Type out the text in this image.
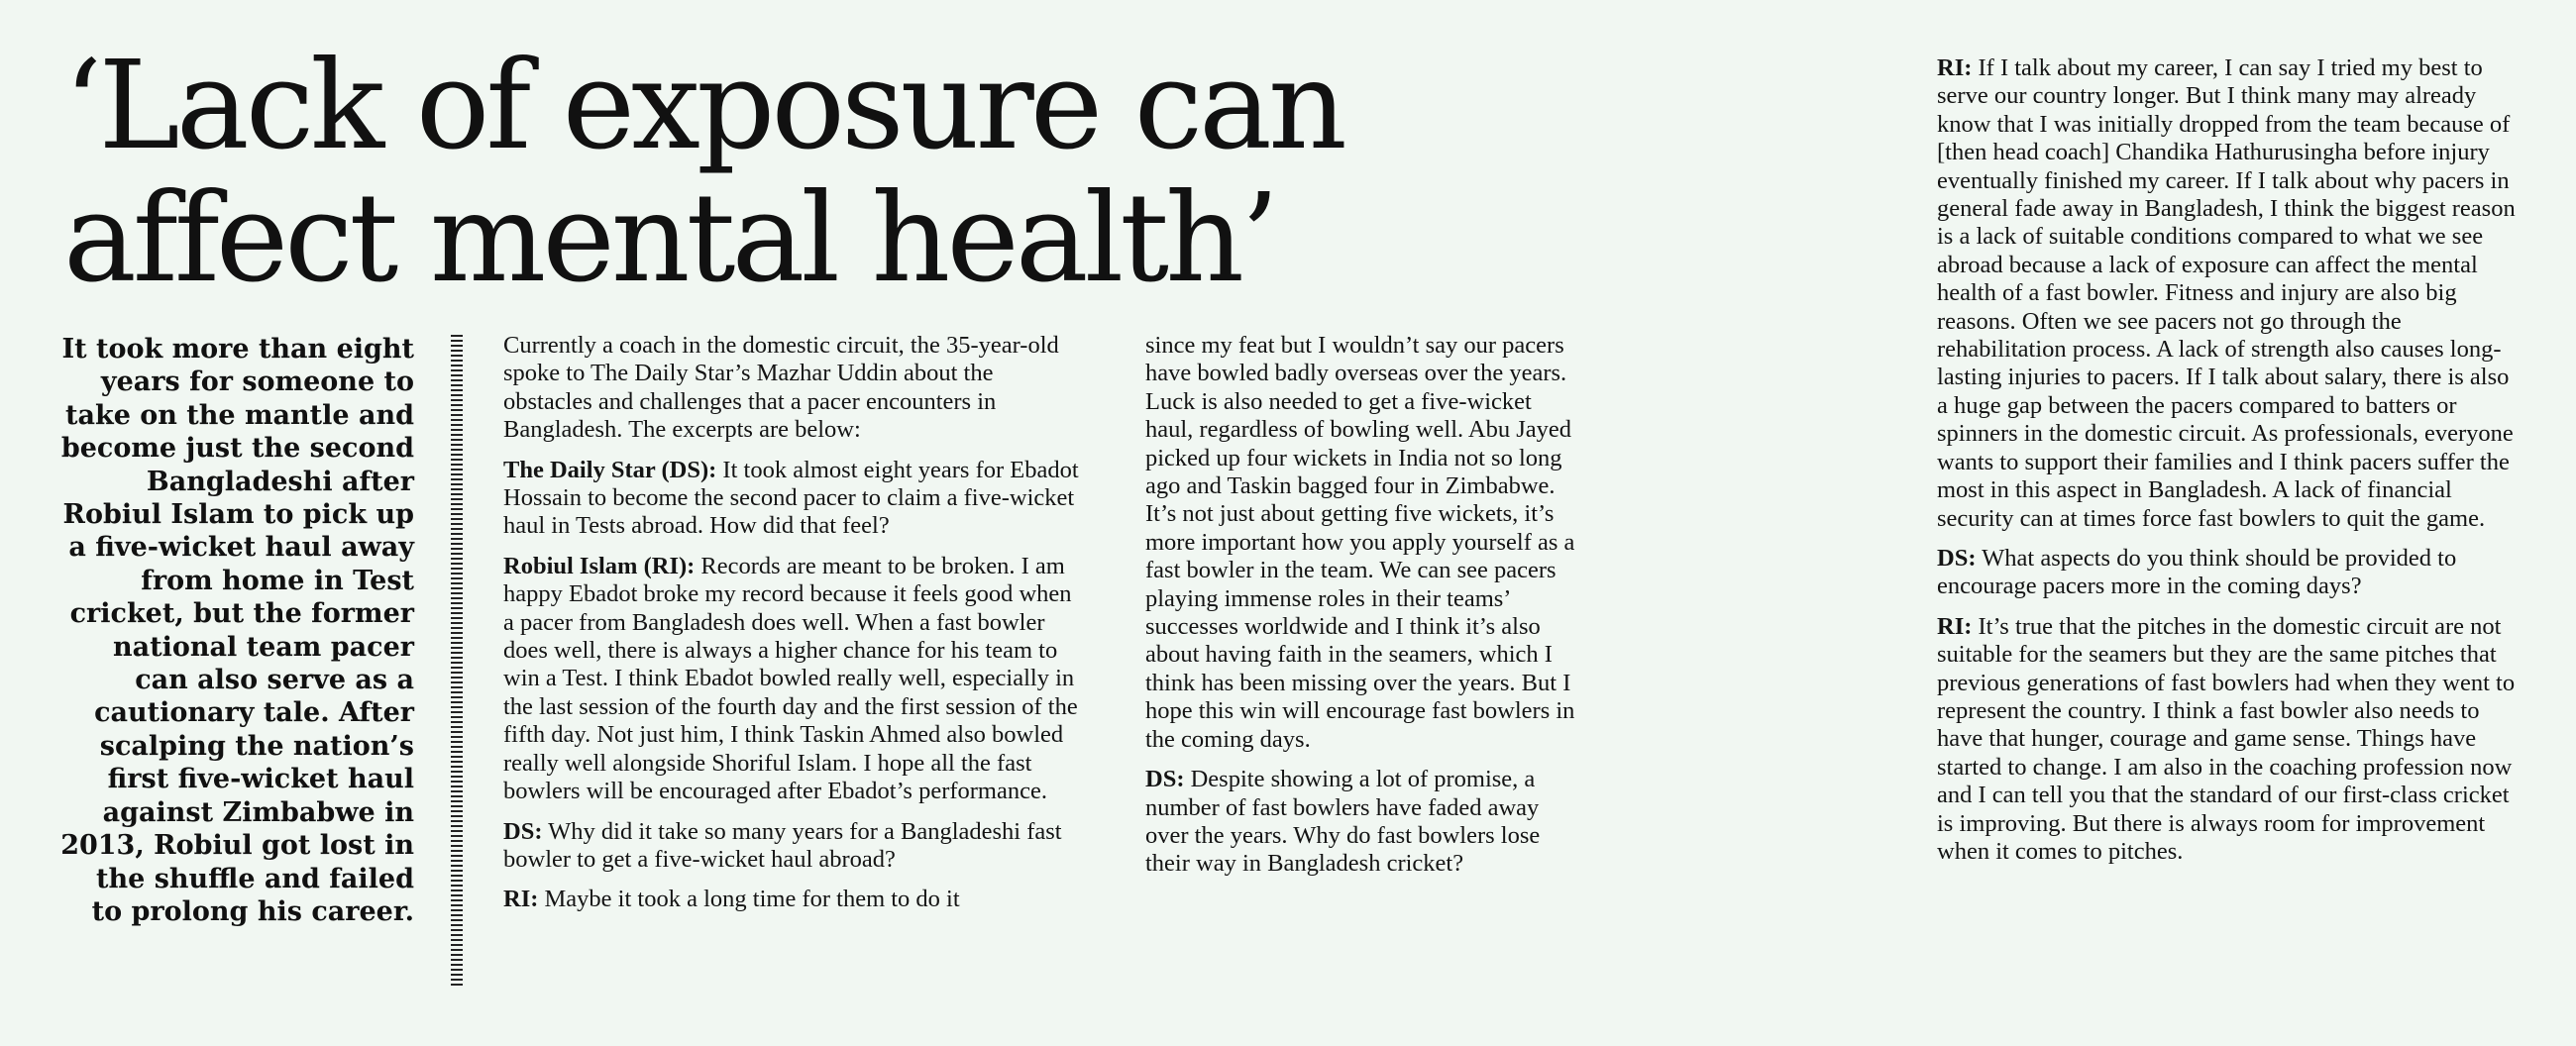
‘Lack of exposure can affect mental health’
It took more than eight years for someone to take on the mantle and become just the second Bangladeshi after Robiul Islam to pick up a five-wicket haul away from home in Test cricket, but the former national team pacer can also serve as a cautionary tale. After scalping the nation’s first five-wicket haul against Zimbabwe in 2013, Robiul got lost in the shuffle and failed to prolong his career.

Currently a coach in the domestic circuit, the 35-year-old spoke to The Daily Star’s Mazhar Uddin about the obstacles and challenges that a pacer encounters in Bangladesh. The excerpts are below:

The Daily Star (DS): It took almost eight years for Ebadot Hossain to become the second pacer to claim a five-wicket haul in Tests abroad. How did that feel?

Robiul Islam (RI): Records are meant to be broken. I am happy Ebadot broke my record because it feels good when a pacer from Bangladesh does well. When a fast bowler does well, there is always a higher chance for his team to win a Test. I think Ebadot bowled really well, especially in the last session of the fourth day and the first session of the fifth day. Not just him, I think Taskin Ahmed also bowled really well alongside Shoriful Islam. I hope all the fast bowlers will be encouraged after Ebadot’s performance.

DS: Why did it take so many years for a Bangladeshi fast bowler to get a five-wicket haul abroad?

RI: Maybe it took a long time for them to do it

since my feat but I wouldn’t say our pacers have bowled badly overseas over the years. Luck is also needed to get a five-wicket haul, regardless of bowling well. Abu Jayed picked up four wickets in India not so long ago and Taskin bagged four in Zimbabwe. It’s not just about getting five wickets, it’s more important how you apply yourself as a fast bowler in the team. We can see pacers playing immense roles in their teams’ successes worldwide and I think it’s also about having faith in the seamers, which I think has been missing over the years. But I hope this win will encourage fast bowlers in the coming days.

DS: Despite showing a lot of promise, a number of fast bowlers have faded away over the years. Why do fast bowlers lose their way in Bangladesh cricket?

RI: If I talk about my career, I can say I tried my best to serve our country longer. But I think many may already know that I was initially dropped from the team because of [then head coach] Chandika Hathurusingha before injury eventually finished my career. If I talk about why pacers in general fade away in Bangladesh, I think the biggest reason is a lack of suitable conditions compared to what we see abroad because a lack of exposure can affect the mental health of a fast bowler. Fitness and injury are also big reasons. Often we see pacers not go through the rehabilitation process. A lack of strength also causes long-lasting injuries to pacers. If I talk about salary, there is also a huge gap between the pacers compared to batters or spinners in the domestic circuit. As professionals, everyone wants to support their families and I think pacers suffer the most in this aspect in Bangladesh. A lack of financial security can at times force fast bowlers to quit the game.

DS: What aspects do you think should be provided to encourage pacers more in the coming days?

RI: It’s true that the pitches in the domestic circuit are not suitable for the seamers but they are the same pitches that previous generations of fast bowlers had when they went to represent the country. I think a fast bowler also needs to have that hunger, courage and game sense. Things have started to change. I am also in the coaching profession now and I can tell you that the standard of our first-class cricket is improving. But there is always room for improvement when it comes to pitches.
